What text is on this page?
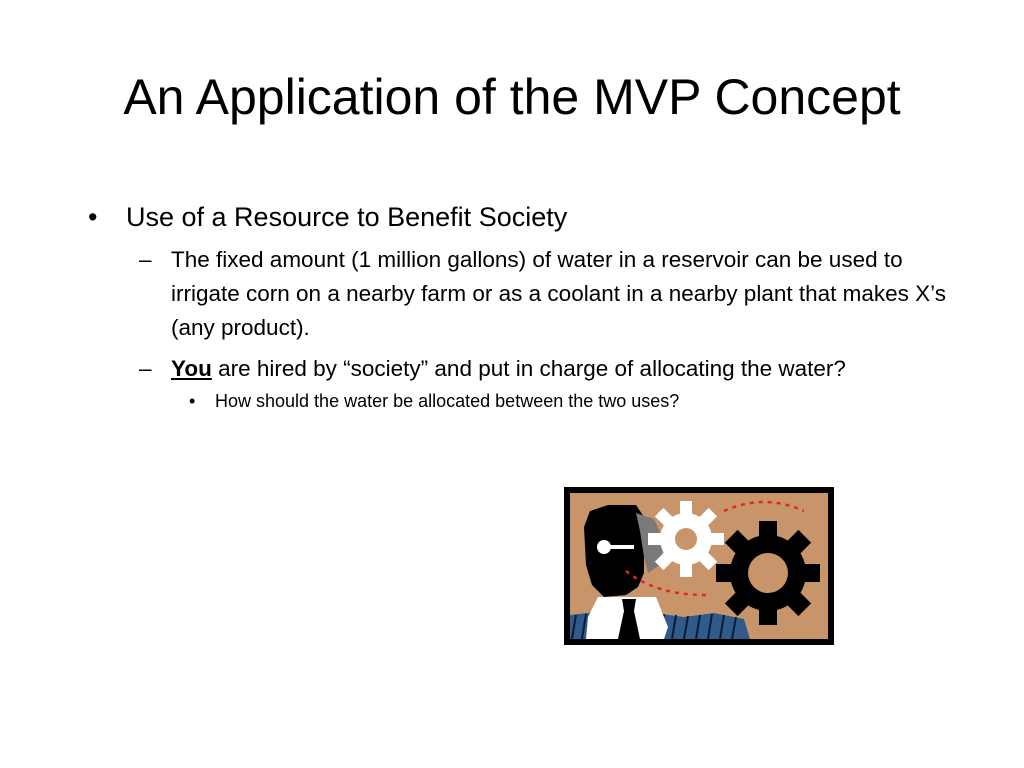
An Application of the MVP Concept
• Use of a Resource to Benefit Society
– The fixed amount (1 million gallons) of water in a reservoir can be used to irrigate corn on a nearby farm or as a coolant in a nearby plant that makes X’s (any product).
– You are hired by “society” and put in charge of allocating the water?
• How should the water be allocated between the two uses?
